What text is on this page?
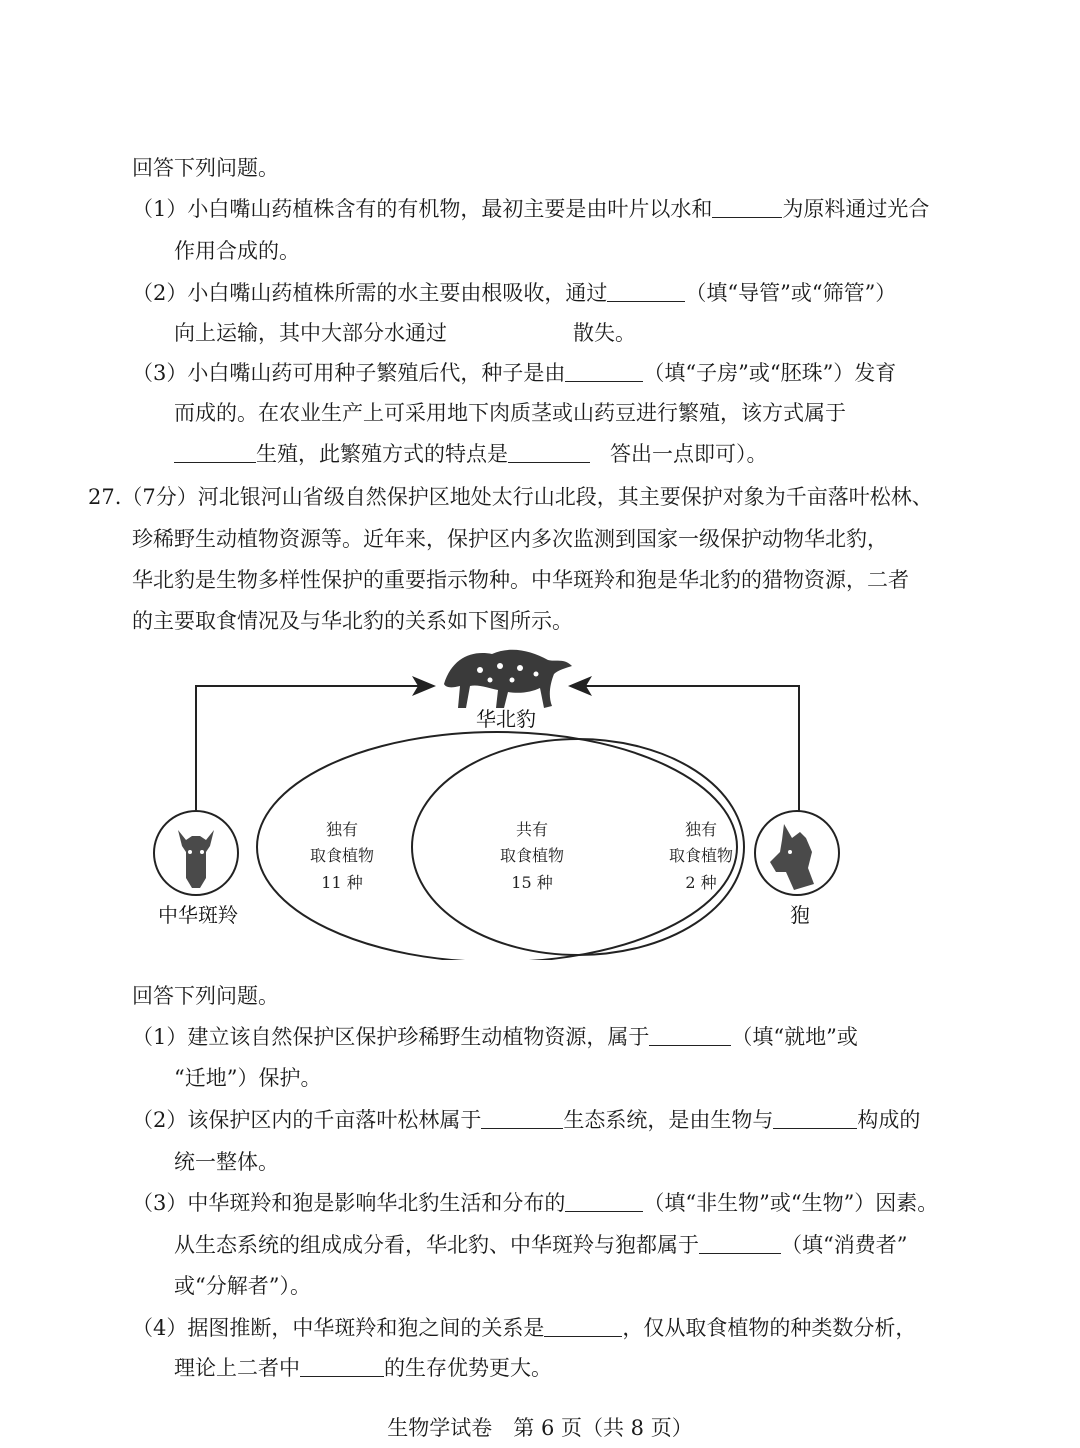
回答下列问题。
（1）小白嘴山药植株含有的有机物，最初主要是由叶片以水和	为原料通过光合
作用合成的。
（2）小白嘴山药植株所需的水主要由根吸收，通过	（填“导管”或“筛管”）
向上运输，其中大部分水通过	散失。
（3）小白嘴山药可用种子繁殖后代，种子是由	（填“子房”或“胚珠”）发育
而成的。在农业生产上可采用地下肉质茎或山药豆进行繁殖，该方式属于
生殖，此繁殖方式的特点是	答出一点即可）。
27.（7分）河北银河山省级自然保护区地处太行山北段，其主要保护对象为千亩落叶松林、
珍稀野生动植物资源等。近年来，保护区内多次监测到国家一级保护动物华北豹，
华北豹是生物多样性保护的重要指示物种。中华斑羚和狍是华北豹的猎物资源，二者
的主要取食情况及与华北豹的关系如下图所示。
华北豹
中华斑羚	狍
独有
取食植物
11 种
共有
取食植物
15 种
独有
取食植物
2 种
回答下列问题。
（1）建立该自然保护区保护珍稀野生动植物资源，属于	（填“就地”或
“迁地”）保护。
（2）该保护区内的千亩落叶松林属于	生态系统，是由生物与	构成的
统一整体。
（3）中华斑羚和狍是影响华北豹生活和分布的	（填“非生物”或“生物”）因素。
从生态系统的组成成分看，华北豹、中华斑羚与狍都属于	（填“消费者”
或“分解者”）。
（4）据图推断，中华斑羚和狍之间的关系是	，仅从取食植物的种类数分析，
理论上二者中	的生存优势更大。
生物学试卷　第 6 页（共 8 页）
